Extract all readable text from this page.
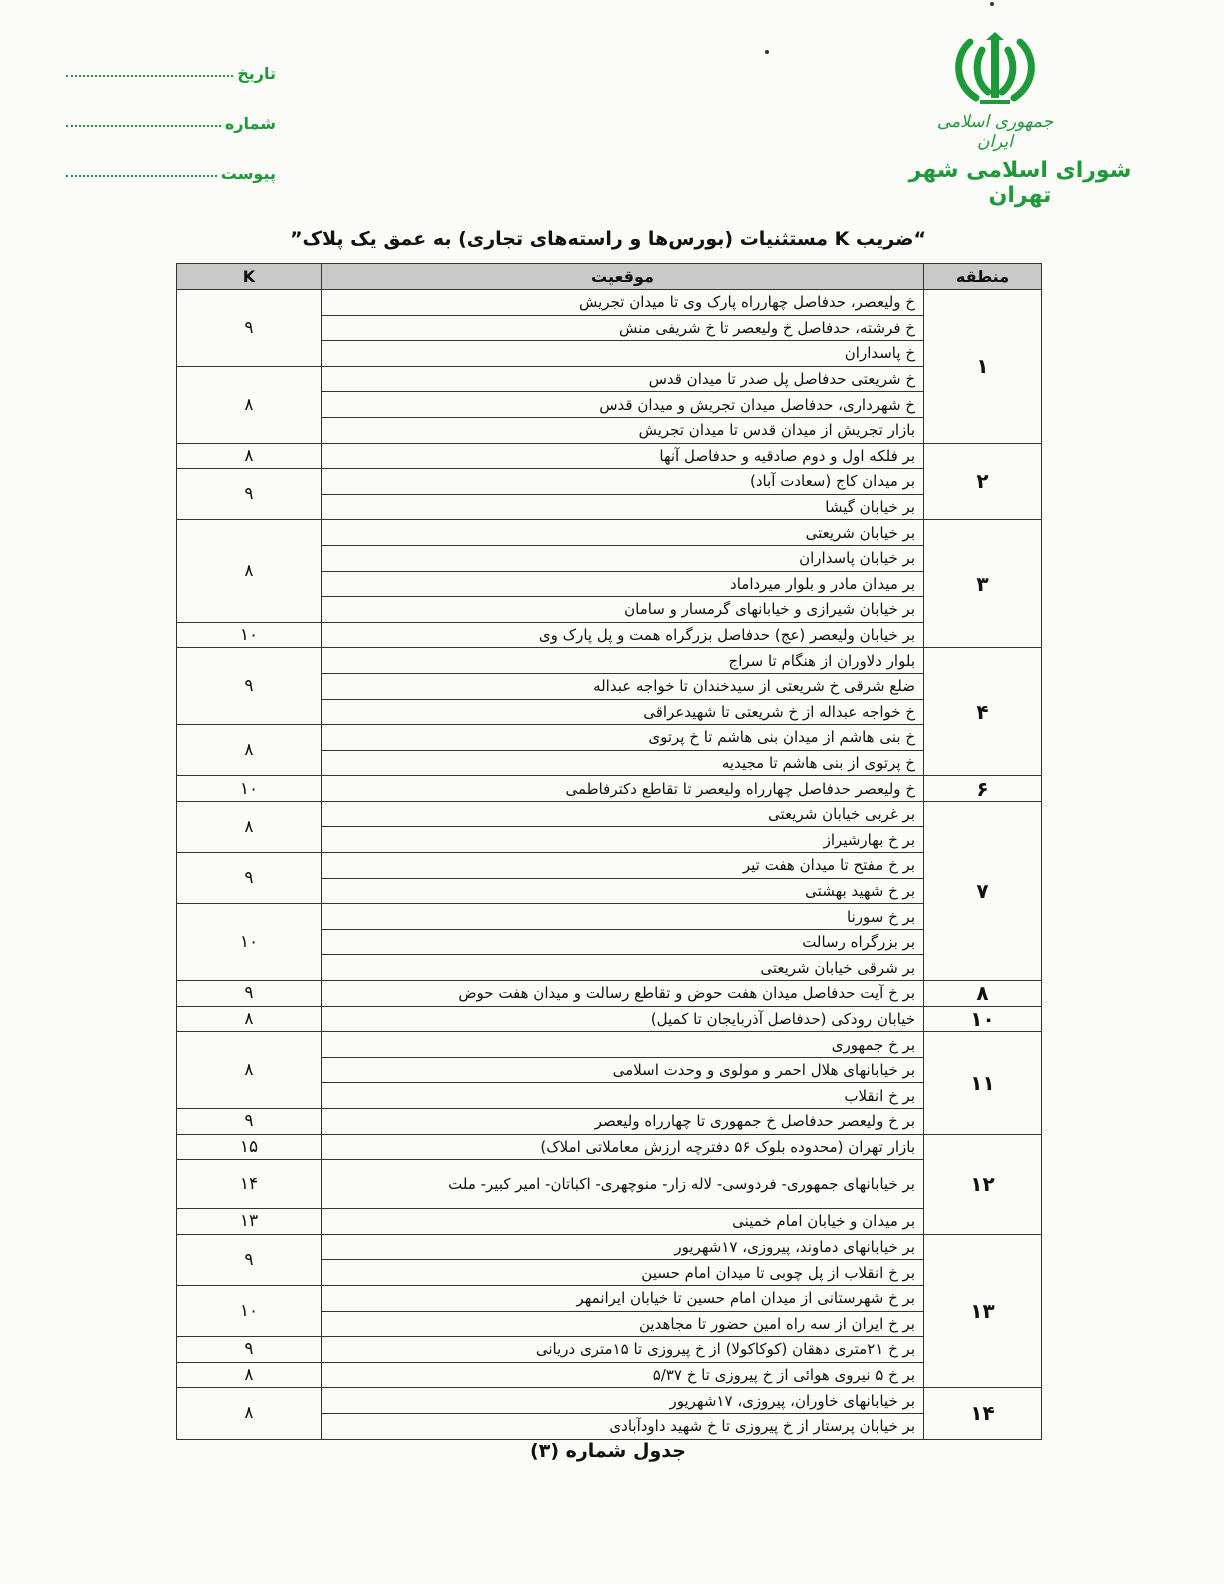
تاریخ
شماره
پیوست
جمهوری اسلامی ایران
شورای اسلامی شهر تهران
“ضریب K مستثنیات (بورس‌ها و راسته‌های تجاری) به عمق یک پلاک”
منطقه	موقعیت	K
۱	خ ولیعصر، حدفاصل چهارراه پارک وی تا میدان تجریش	۹
	خ فرشته، حدفاصل خ ولیعصر تا خ شریفی منش	
	خ پاسداران	
	خ شریعتی حدفاصل پل صدر تا میدان قدس	۸
	خ شهرداری، حدفاصل میدان تجریش و میدان قدس	
	بازار تجریش از میدان قدس تا میدان تجریش	
۲	بر فلکه اول و دوم صادقیه و حدفاصل آنها	۸
	بر میدان کاج (سعادت آباد)	۹
	بر خیابان گیشا	
۳	بر خیابان شریعتی	۸
	بر خیابان پاسداران	
	بر میدان مادر و بلوار میرداماد	
	بر خیابان شیرازی و خیابانهای گرمسار و سامان	
	بر خیابان ولیعصر (عج) حدفاصل بزرگراه همت و پل پارک وی	۱۰
۴	بلوار دلاوران از هنگام تا سراج	۹
	ضلع شرقی خ شریعتی از سیدخندان تا خواجه عبداله	
	خ خواجه عبداله از خ شریعتی تا شهیدعراقی	
	خ بنی هاشم از میدان بنی هاشم تا خ پرتوی	۸
	خ پرتوی از بنی هاشم تا مجیدیه	
۶	خ ولیعصر حدفاصل چهارراه ولیعصر تا تقاطع دکترفاطمی	۱۰
۷	بر غربی خیابان شریعتی	۸
	بر خ بهارشیراز	
	بر خ مفتح تا میدان هفت تیر	۹
	بر خ شهید بهشتی	
	بر خ سورنا	۱۰
	بر بزرگراه رسالت	
	بر شرقی خیابان شریعتی	
۸	بر خ آیت حدفاصل میدان هفت حوض و تقاطع رسالت و میدان هفت حوض	۹
۱۰	خیابان رودکی (حدفاصل آذربایجان تا کمیل)	۸
۱۱	بر خ جمهوری	۸
	بر خیابانهای هلال احمر و مولوی و وحدت اسلامی	
	بر خ انقلاب	
	بر خ ولیعصر حدفاصل خ جمهوری تا چهارراه ولیعصر	۹
۱۲	بازار تهران (محدوده بلوک ۵۶ دفترچه ارزش معاملاتی املاک)	۱۵
	بر خیابانهای جمهوری- فردوسی- لاله زار- منوچهری- اکباتان- امیر کبیر- ملت	۱۴
	بر میدان و خیابان امام خمینی	۱۳
۱۳	بر خیابانهای دماوند، پیروزی، ۱۷شهریور	۹
	بر خ انقلاب از پل چوبی تا میدان امام حسین	
	بر خ شهرستانی از میدان امام حسین تا خیابان ایرانمهر	۱۰
	بر خ ایران از سه راه امین حضور تا مجاهدین	
	بر خ ۲۱متری دهقان (کوکاکولا) از خ پیروزی تا ۱۵متری دریانی	۹
	بر خ ۵ نیروی هوائی از خ پیروزی تا خ ۵/۳۷	۸
۱۴	بر خیابانهای خاوران، پیروزی، ۱۷شهریور	۸
	بر خیابان پرستار از خ پیروزی تا خ شهید داودآبادی	
جدول شماره (۳)
